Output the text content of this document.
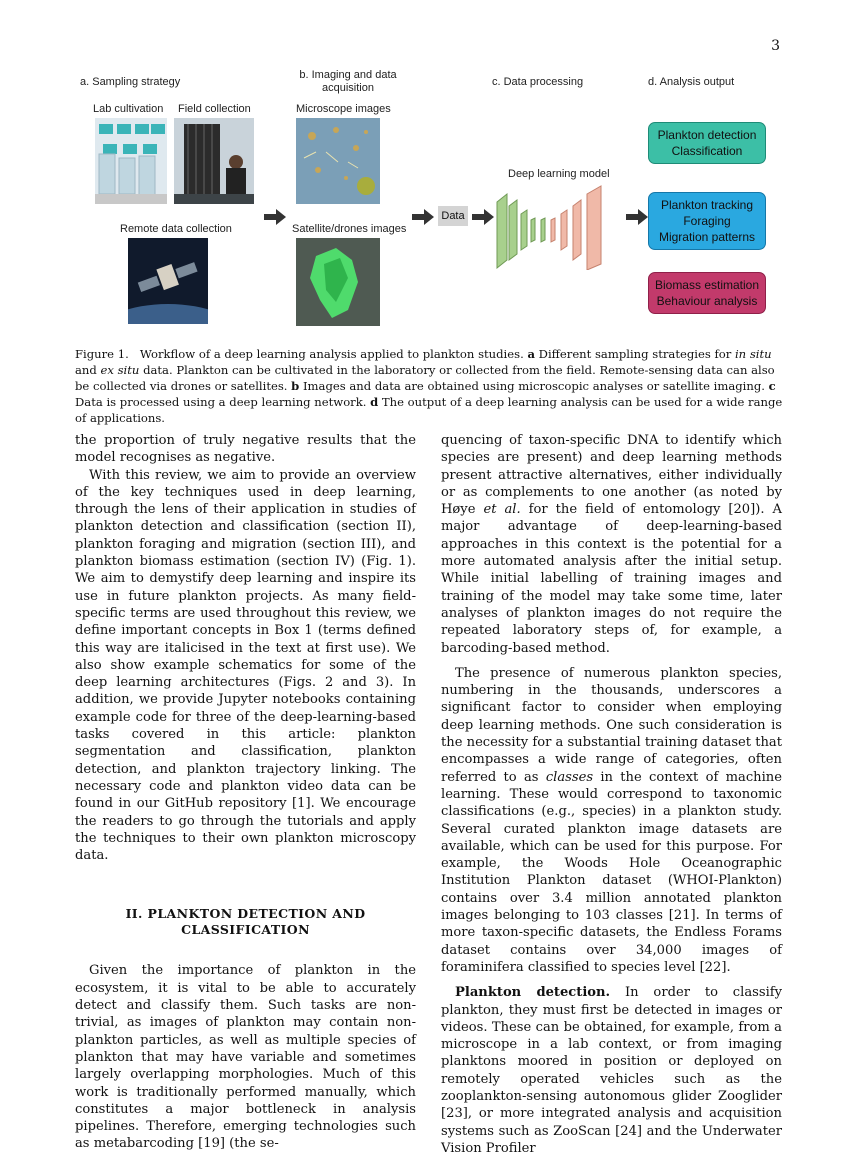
3
a. Sampling strategy
b. Imaging and data
acquisition	c. Data processing	d. Analysis output
Lab cultivation Field collection
Remote data collection
Microscope images
Satellite/drones images
Data
Deep learning model
Plankton detection
Classification
Plankton tracking
Foraging
Migration patterns
Biomass estimation
Behaviour analysis
Figure 1. Workflow of a deep learning analysis applied to plankton studies. a Different sampling strategies for in situ and ex situ data. Plankton can be cultivated in the laboratory or collected from the field. Remote-sensing data can also be collected via drones or satellites. b Images and data are obtained using microscopic analyses or satellite imaging. c Data is processed using a deep learning network. d The output of a deep learning analysis can be used for a wide range of applications.

the proportion of truly negative results that the model recognises as negative.

With this review, we aim to provide an overview of the key techniques used in deep learning, through the lens of their application in studies of plankton detection and classification (section II), plankton foraging and migration (section III), and plankton biomass estimation (section IV) (Fig. 1). We aim to demystify deep learning and inspire its use in future plankton projects. As many field-specific terms are used throughout this review, we define important concepts in Box 1 (terms defined this way are italicised in the text at first use). We also show example schematics for some of the deep learning architectures (Figs. 2 and 3). In addition, we provide Jupyter notebooks containing example code for three of the deep-learning-based tasks covered in this article: plankton segmentation and classification, plankton detection, and plankton trajectory linking. The necessary code and plankton video data can be found in our GitHub repository [1]. We encourage the readers to go through the tutorials and apply the techniques to their own plankton microscopy data.

II. PLANKTON DETECTION AND
CLASSIFICATION

Given the importance of plankton in the ecosystem, it is vital to be able to accurately detect and classify them. Such tasks are non-trivial, as images of plankton may contain non-plankton particles, as well as multiple species of plankton that may have variable and sometimes largely overlapping morphologies. Much of this work is traditionally performed manually, which constitutes a major bottleneck in analysis pipelines. Therefore, emerging technologies such as metabarcoding [19] (the se-

quencing of taxon-specific DNA to identify which species are present) and deep learning methods present attractive alternatives, either individually or as complements to one another (as noted by Høye et al. for the field of entomology [20]). A major advantage of deep-learning-based approaches in this context is the potential for a more automated analysis after the initial setup. While initial labelling of training images and training of the model may take some time, later analyses of plankton images do not require the repeated laboratory steps of, for example, a barcoding-based method.

The presence of numerous plankton species, numbering in the thousands, underscores a significant factor to consider when employing deep learning methods. One such consideration is the necessity for a substantial training dataset that encompasses a wide range of categories, often referred to as classes in the context of machine learning. These would correspond to taxonomic classifications (e.g., species) in a plankton study. Several curated plankton image datasets are available, which can be used for this purpose. For example, the Woods Hole Oceanographic Institution Plankton dataset (WHOI-Plankton) contains over 3.4 million annotated plankton images belonging to 103 classes [21]. In terms of more taxon-specific datasets, the Endless Forams dataset contains over 34,000 images of foraminifera classified to species level [22].

Plankton detection. In order to classify plankton, they must first be detected in images or videos. These can be obtained, for example, from a microscope in a lab context, or from imaging planktons moored in position or deployed on remotely operated vehicles such as the zooplankton-sensing autonomous glider Zooglider [23], or more integrated analysis and acquisition systems such as ZooScan [24] and the Underwater Vision Profiler
